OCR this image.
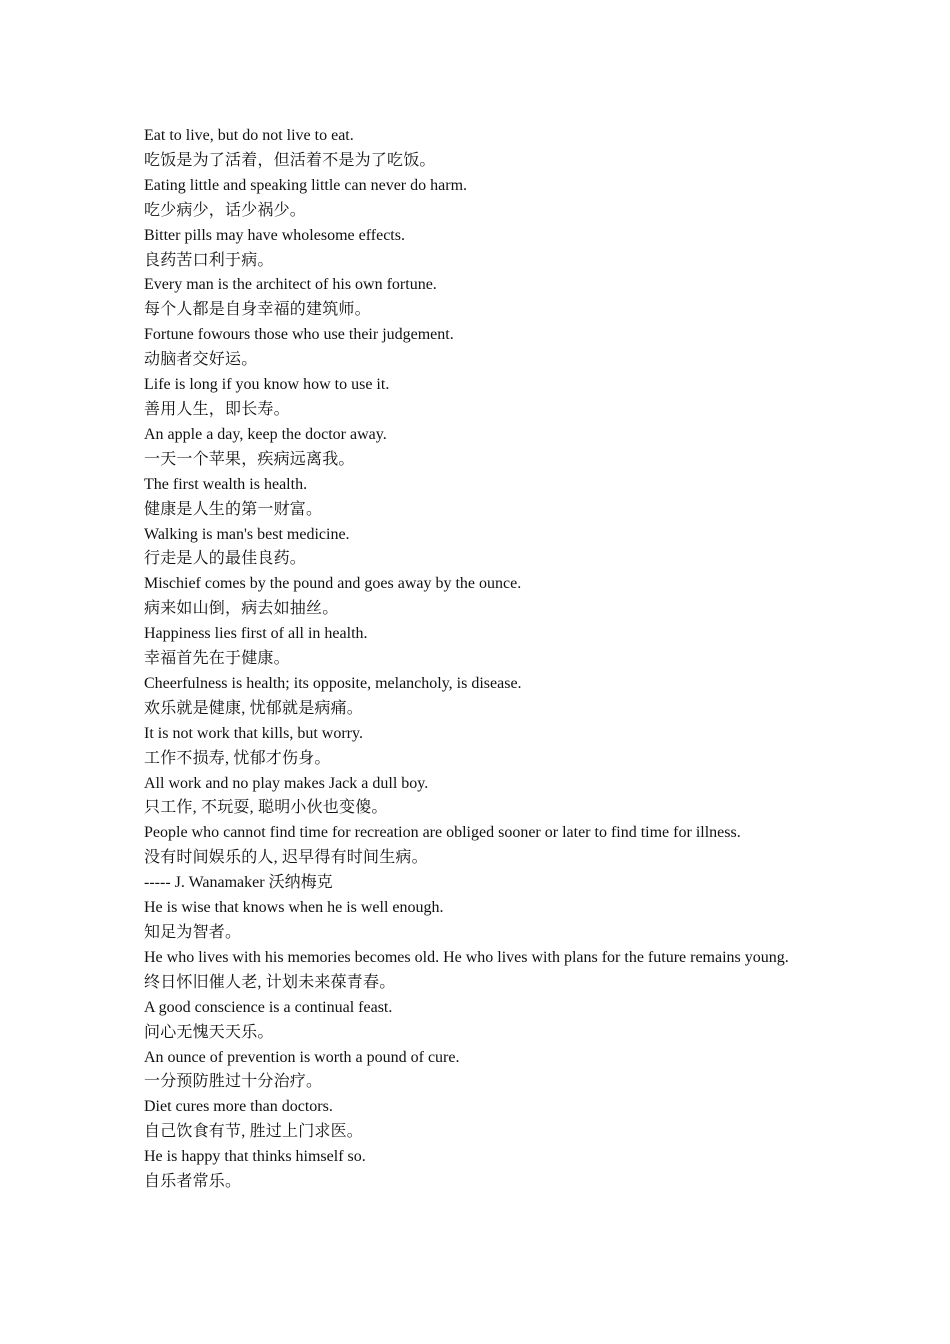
Eat to live, but do not live to eat.

吃饭是为了活着，但活着不是为了吃饭。

Eating little and speaking little can never do harm.

吃少病少，话少祸少。

Bitter pills may have wholesome effects.

良药苦口利于病。

Every man is the architect of his own fortune.

每个人都是自身幸福的建筑师。

Fortune fowours those who use their judgement.

动脑者交好运。

Life is long if you know how to use it.

善用人生，即长寿。

An apple a day, keep the doctor away.

一天一个苹果，疾病远离我。

The first wealth is health.

健康是人生的第一财富。

Walking is man's best medicine.

行走是人的最佳良药。

Mischief comes by the pound and goes away by the ounce.

病来如山倒，病去如抽丝。

Happiness lies first of all in health.

幸福首先在于健康。

Cheerfulness is health; its opposite, melancholy, is disease.

欢乐就是健康, 忧郁就是病痛。

It is not work that kills, but worry.

工作不损寿, 忧郁才伤身。

All work and no play makes Jack a dull boy.

只工作, 不玩耍, 聪明小伙也变傻。

People who cannot find time for recreation are obliged sooner or later to find time for illness.

没有时间娱乐的人, 迟早得有时间生病。

----- J. Wanamaker 沃纳梅克

He is wise that knows when he is well enough.

知足为智者。

He who lives with his memories becomes old. He who lives with plans for the future remains young.

终日怀旧催人老, 计划未来葆青春。

A good conscience is a continual feast.

问心无愧天天乐。

An ounce of prevention is worth a pound of cure.

一分预防胜过十分治疗。

Diet cures more than doctors.

自己饮食有节, 胜过上门求医。

He is happy that thinks himself so.

自乐者常乐。
